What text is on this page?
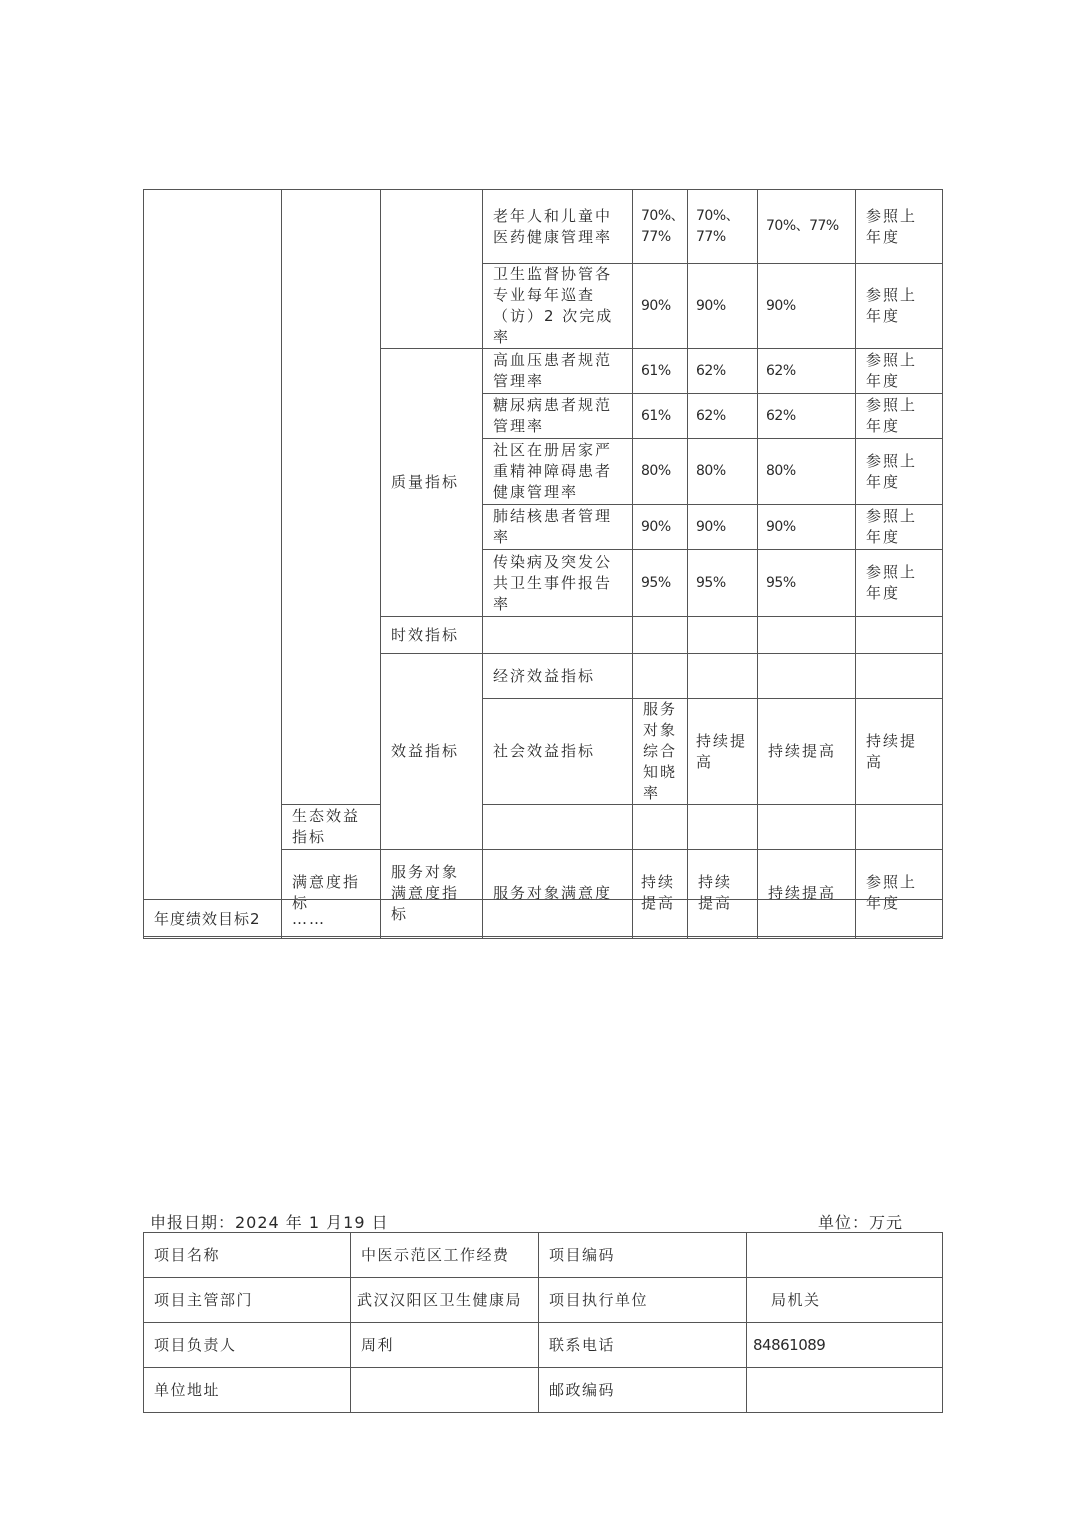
			老年人和儿童中医药健康管理率	70%、77%	70%、77%	70%、77%	参照上年度	
			卫生监督协管各专业每年巡查（访）2 次完成率	90%	90%	90%	参照上年度	
		质量指标	高血压患者规范管理率	61%	62%	62%	参照上年度	
			糖尿病患者规范管理率	61%	62%	62%	参照上年度	
			社区在册居家严重精神障碍患者健康管理率	80%	80%	80%	参照上年度	
			肺结核患者管理率	90%	90%	90%	参照上年度	
			传染病及突发公共卫生事件报告率	95%	95%	95%	参照上年度	
		时效指标						
		效益指标	经济效益指标					
			社会效益指标	服务对象综合知晓率	持续提高	持续提高	持续提高	
	生态效益指标							
	满意度指标	服务对象满意度指标	服务对象满意度	持续提高	持续提高	持续提高	参照上年度	
年度绩效目标2	……						
申报日期：2024 年 1 月19 日	单位：万元
项目名称	中医示范区工作经费	项目编码	
项目主管部门	武汉汉阳区卫生健康局	项目执行单位	局机关
项目负责人	周利	联系电话	84861089
单位地址		邮政编码	
